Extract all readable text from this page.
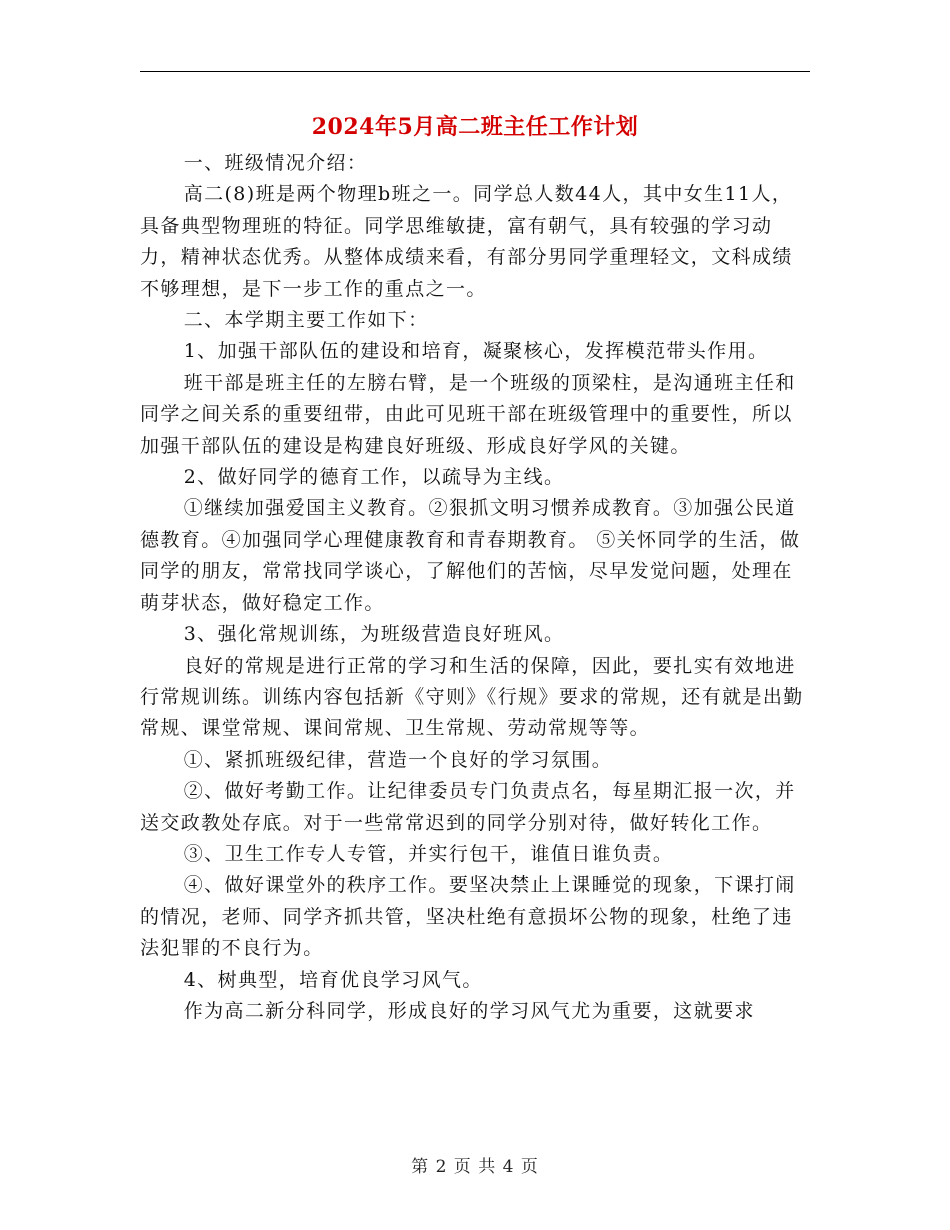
2024年5月高二班主任工作计划

一、班级情况介绍：

高二(8)班是两个物理b班之一。同学总人数44人，其中女生11人，具备典型物理班的特征。同学思维敏捷，富有朝气，具有较强的学习动力，精神状态优秀。从整体成绩来看，有部分男同学重理轻文，文科成绩不够理想，是下一步工作的重点之一。

二、本学期主要工作如下：

1、加强干部队伍的建设和培育，凝聚核心，发挥模范带头作用。

班干部是班主任的左膀右臂，是一个班级的顶梁柱，是沟通班主任和同学之间关系的重要纽带，由此可见班干部在班级管理中的重要性，所以加强干部队伍的建设是构建良好班级、形成良好学风的关键。

2、做好同学的德育工作，以疏导为主线。

①继续加强爱国主义教育。②狠抓文明习惯养成教育。③加强公民道德教育。④加强同学心理健康教育和青春期教育。 ⑤关怀同学的生活，做同学的朋友，常常找同学谈心，了解他们的苦恼，尽早发觉问题，处理在萌芽状态，做好稳定工作。

3、强化常规训练，为班级营造良好班风。

良好的常规是进行正常的学习和生活的保障，因此，要扎实有效地进行常规训练。训练内容包括新《守则》《行规》要求的常规，还有就是出勤常规、课堂常规、课间常规、卫生常规、劳动常规等等。

①、紧抓班级纪律，营造一个良好的学习氛围。

②、做好考勤工作。让纪律委员专门负责点名，每星期汇报一次，并送交政教处存底。对于一些常常迟到的同学分别对待，做好转化工作。

③、卫生工作专人专管，并实行包干，谁值日谁负责。

④、做好课堂外的秩序工作。要坚决禁止上课睡觉的现象，下课打闹的情况，老师、同学齐抓共管，坚决杜绝有意损坏公物的现象，杜绝了违法犯罪的不良行为。

4、树典型，培育优良学习风气。

作为高二新分科同学，形成良好的学习风气尤为重要，这就要求

第 2 页 共 4 页
